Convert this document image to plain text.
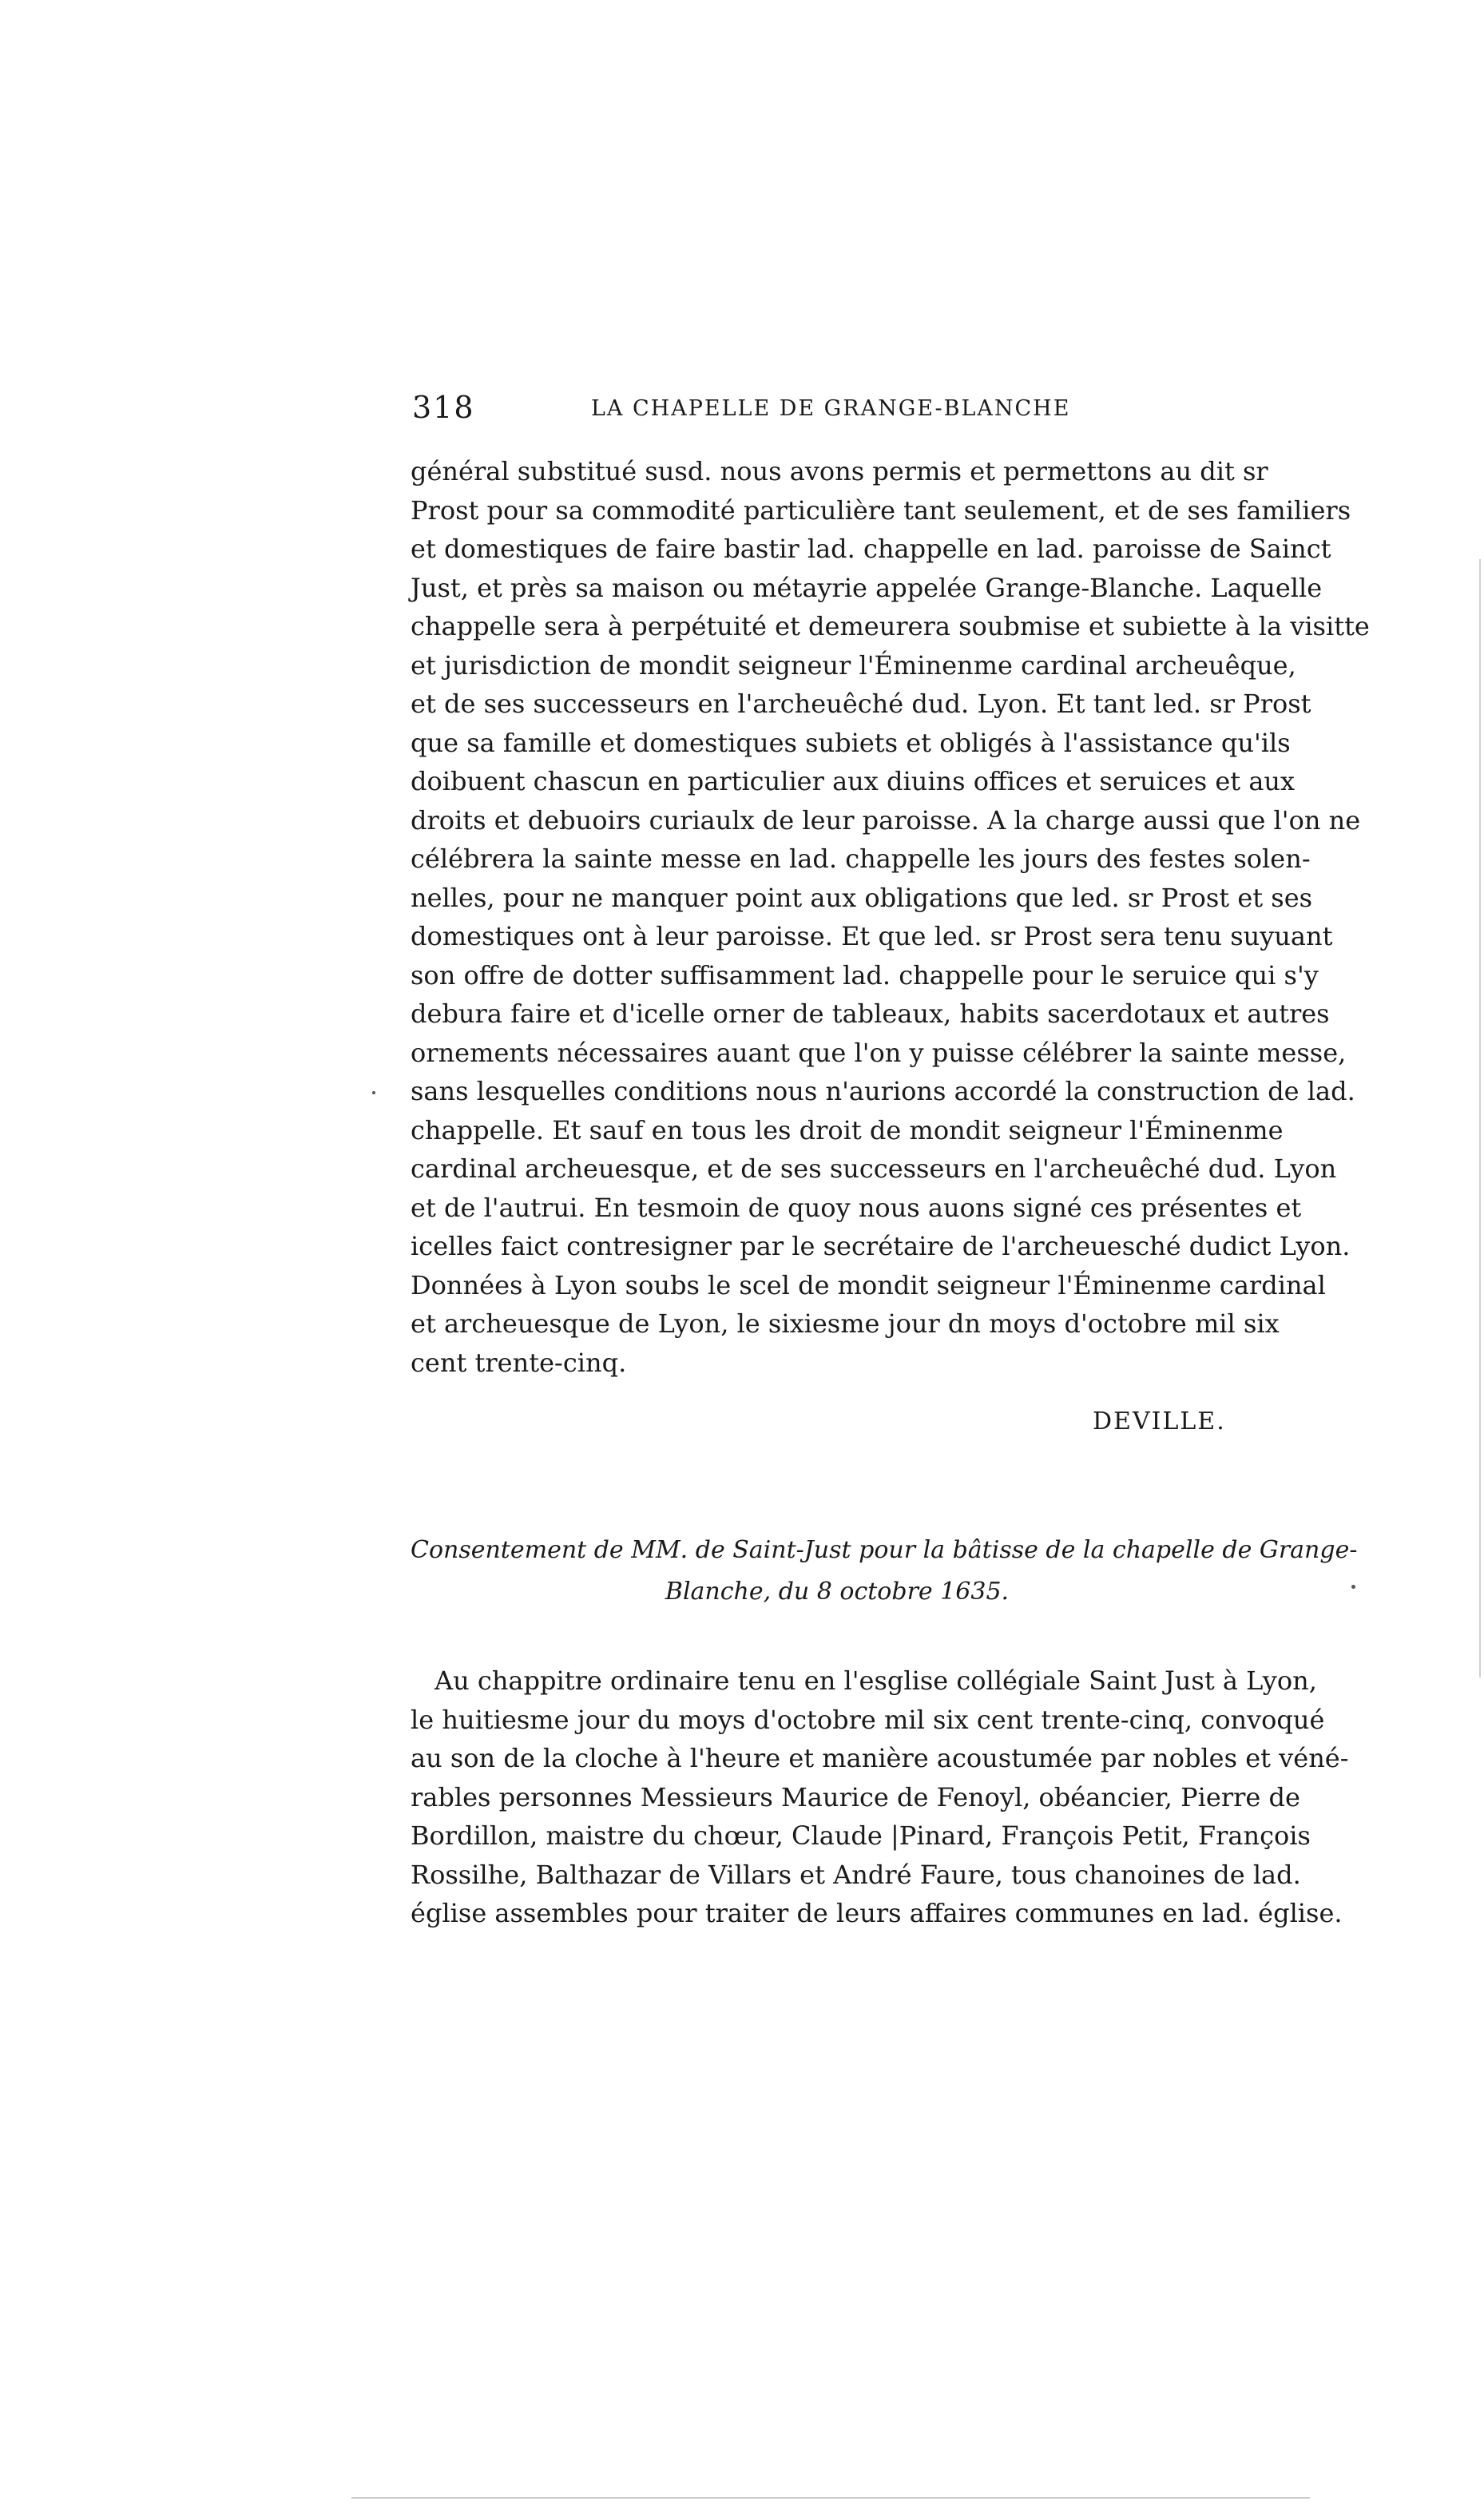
318	LA CHAPELLE DE GRANGE-BLANCHE
général substitué susd. nous avons permis et permettons au dit sr
Prost pour sa commodité particulière tant seulement, et de ses familiers
et domestiques de faire bastir lad. chappelle en lad. paroisse de Sainct
Just, et près sa maison ou métayrie appelée Grange-Blanche. Laquelle
chappelle sera à perpétuité et demeurera soubmise et subiette à la visitte
et jurisdiction de mondit seigneur l'Éminenme cardinal archeuêque,
et de ses successeurs en l'archeuêché dud. Lyon. Et tant led. sr Prost
que sa famille et domestiques subiets et obligés à l'assistance qu'ils
doibuent chascun en particulier aux diuins offices et seruices et aux
droits et debuoirs curiaulx de leur paroisse. A la charge aussi que l'on ne
célébrera la sainte messe en lad. chappelle les jours des festes solen-
nelles, pour ne manquer point aux obligations que led. sr Prost et ses
domestiques ont à leur paroisse. Et que led. sr Prost sera tenu suyuant
son offre de dotter suffisamment lad. chappelle pour le seruice qui s'y
debura faire et d'icelle orner de tableaux, habits sacerdotaux et autres
ornements nécessaires auant que l'on y puisse célébrer la sainte messe,
sans lesquelles conditions nous n'aurions accordé la construction de lad.
chappelle. Et sauf en tous les droit de mondit seigneur l'Éminenme
cardinal archeuesque, et de ses successeurs en l'archeuêché dud. Lyon
et de l'autrui. En tesmoin de quoy nous auons signé ces présentes et
icelles faict contresigner par le secrétaire de l'archeuesché dudict Lyon.
Données à Lyon soubs le scel de mondit seigneur l'Éminenme cardinal
et archeuesque de Lyon, le sixiesme jour dn moys d'octobre mil six
cent trente-cinq.
DEVILLE.
Consentement de MM. de Saint-Just pour la bâtisse de la chapelle de Grange-
Blanche, du 8 octobre 1635.
Au chappitre ordinaire tenu en l'esglise collégiale Saint Just à Lyon,
le huitiesme jour du moys d'octobre mil six cent trente-cinq, convoqué
au son de la cloche à l'heure et manière acoustumée par nobles et véné-
rables personnes Messieurs Maurice de Fenoyl, obéancier, Pierre de
Bordillon, maistre du chœur, Claude |Pinard, François Petit, François
Rossilhe, Balthazar de Villars et André Faure, tous chanoines de lad.
église assembles pour traiter de leurs affaires communes en lad. église.
